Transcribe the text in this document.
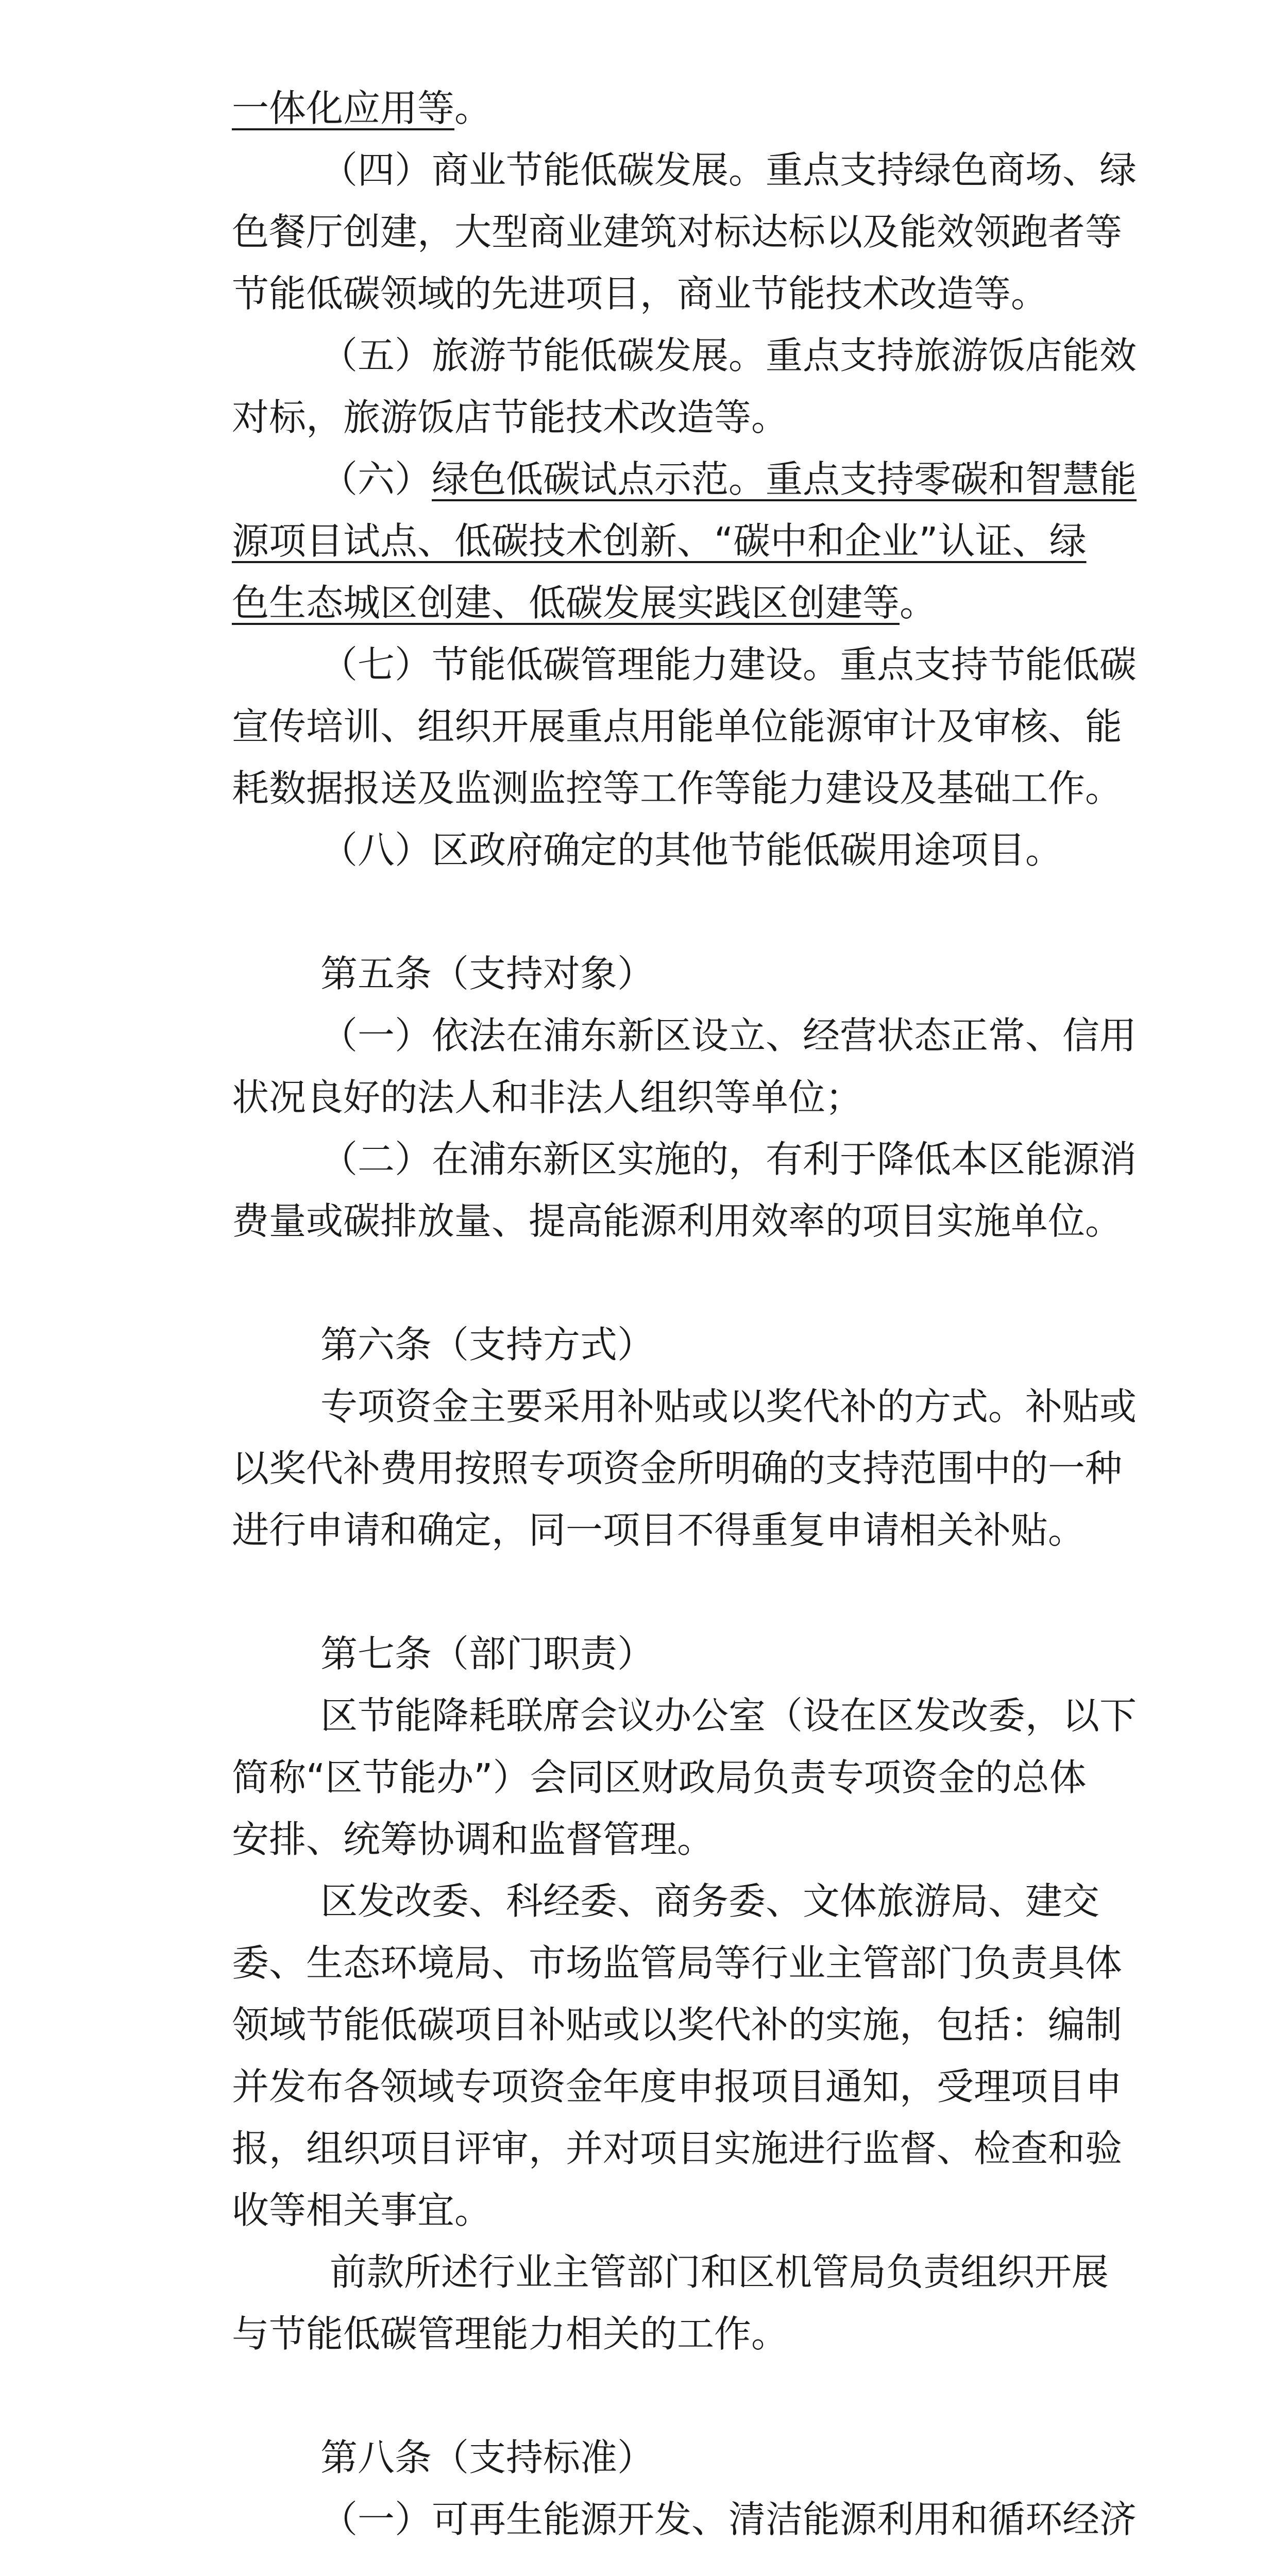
一体化应用等。
（四）商业节能低碳发展。重点支持绿色商场、绿
色餐厅创建，大型商业建筑对标达标以及能效领跑者等
节能低碳领域的先进项目，商业节能技术改造等。
（五）旅游节能低碳发展。重点支持旅游饭店能效
对标，旅游饭店节能技术改造等。
（六）绿色低碳试点示范。重点支持零碳和智慧能
源项目试点、低碳技术创新、“碳中和企业”认证、绿
色生态城区创建、低碳发展实践区创建等。
（七）节能低碳管理能力建设。重点支持节能低碳
宣传培训、组织开展重点用能单位能源审计及审核、能
耗数据报送及监测监控等工作等能力建设及基础工作。
（八）区政府确定的其他节能低碳用途项目。
第五条（支持对象）
（一）依法在浦东新区设立、经营状态正常、信用
状况良好的法人和非法人组织等单位；
（二）在浦东新区实施的，有利于降低本区能源消
费量或碳排放量、提高能源利用效率的项目实施单位。
第六条（支持方式）
专项资金主要采用补贴或以奖代补的方式。补贴或
以奖代补费用按照专项资金所明确的支持范围中的一种
进行申请和确定，同一项目不得重复申请相关补贴。
第七条（部门职责）
区节能降耗联席会议办公室（设在区发改委，以下
简称“区节能办”）会同区财政局负责专项资金的总体
安排、统筹协调和监督管理。
区发改委、科经委、商务委、文体旅游局、建交
委、生态环境局、市场监管局等行业主管部门负责具体
领域节能低碳项目补贴或以奖代补的实施，包括：编制
并发布各领域专项资金年度申报项目通知，受理项目申
报，组织项目评审，并对项目实施进行监督、检查和验
收等相关事宜。
前款所述行业主管部门和区机管局负责组织开展
与节能低碳管理能力相关的工作。
第八条（支持标准）
（一）可再生能源开发、清洁能源利用和循环经济
